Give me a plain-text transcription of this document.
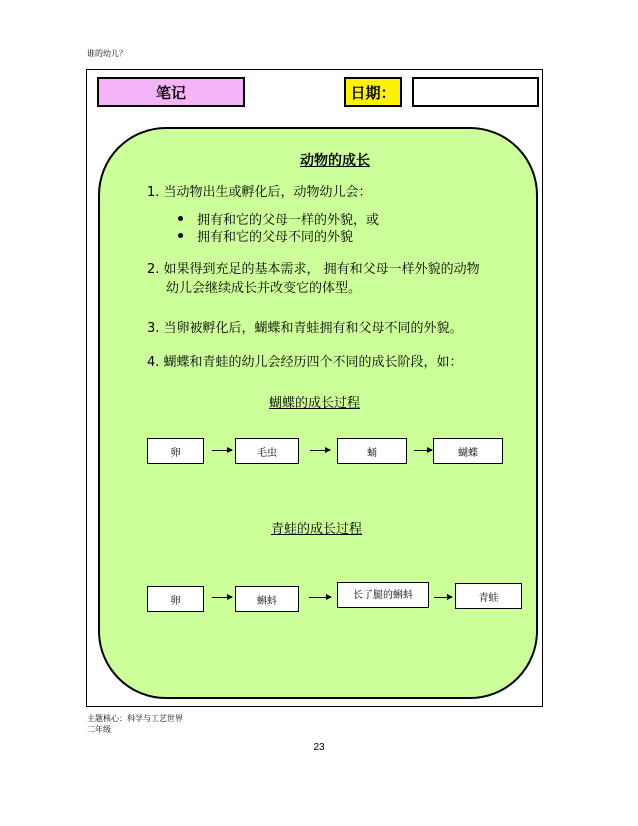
谁的幼儿？
笔记	日期：
动物的成长
1. 当动物出生或孵化后，动物幼儿会：
拥有和它的父母一样的外貌，或
拥有和它的父母不同的外貌
2. 如果得到充足的基本需求， 拥有和父母一样外貌的动物
幼儿会继续成长并改变它的体型。
3. 当卵被孵化后，蝴蝶和青蛙拥有和父母不同的外貌。
4. 蝴蝶和青蛙的幼儿会经历四个不同的成长阶段，如：
蝴蝶的成长过程
卵	毛虫	蛹	蝴蝶
青蛙的成长过程
卵	蝌蚪	长了腿的蝌蚪	青蛙
主题核心：科学与工艺世界
二年级
23
